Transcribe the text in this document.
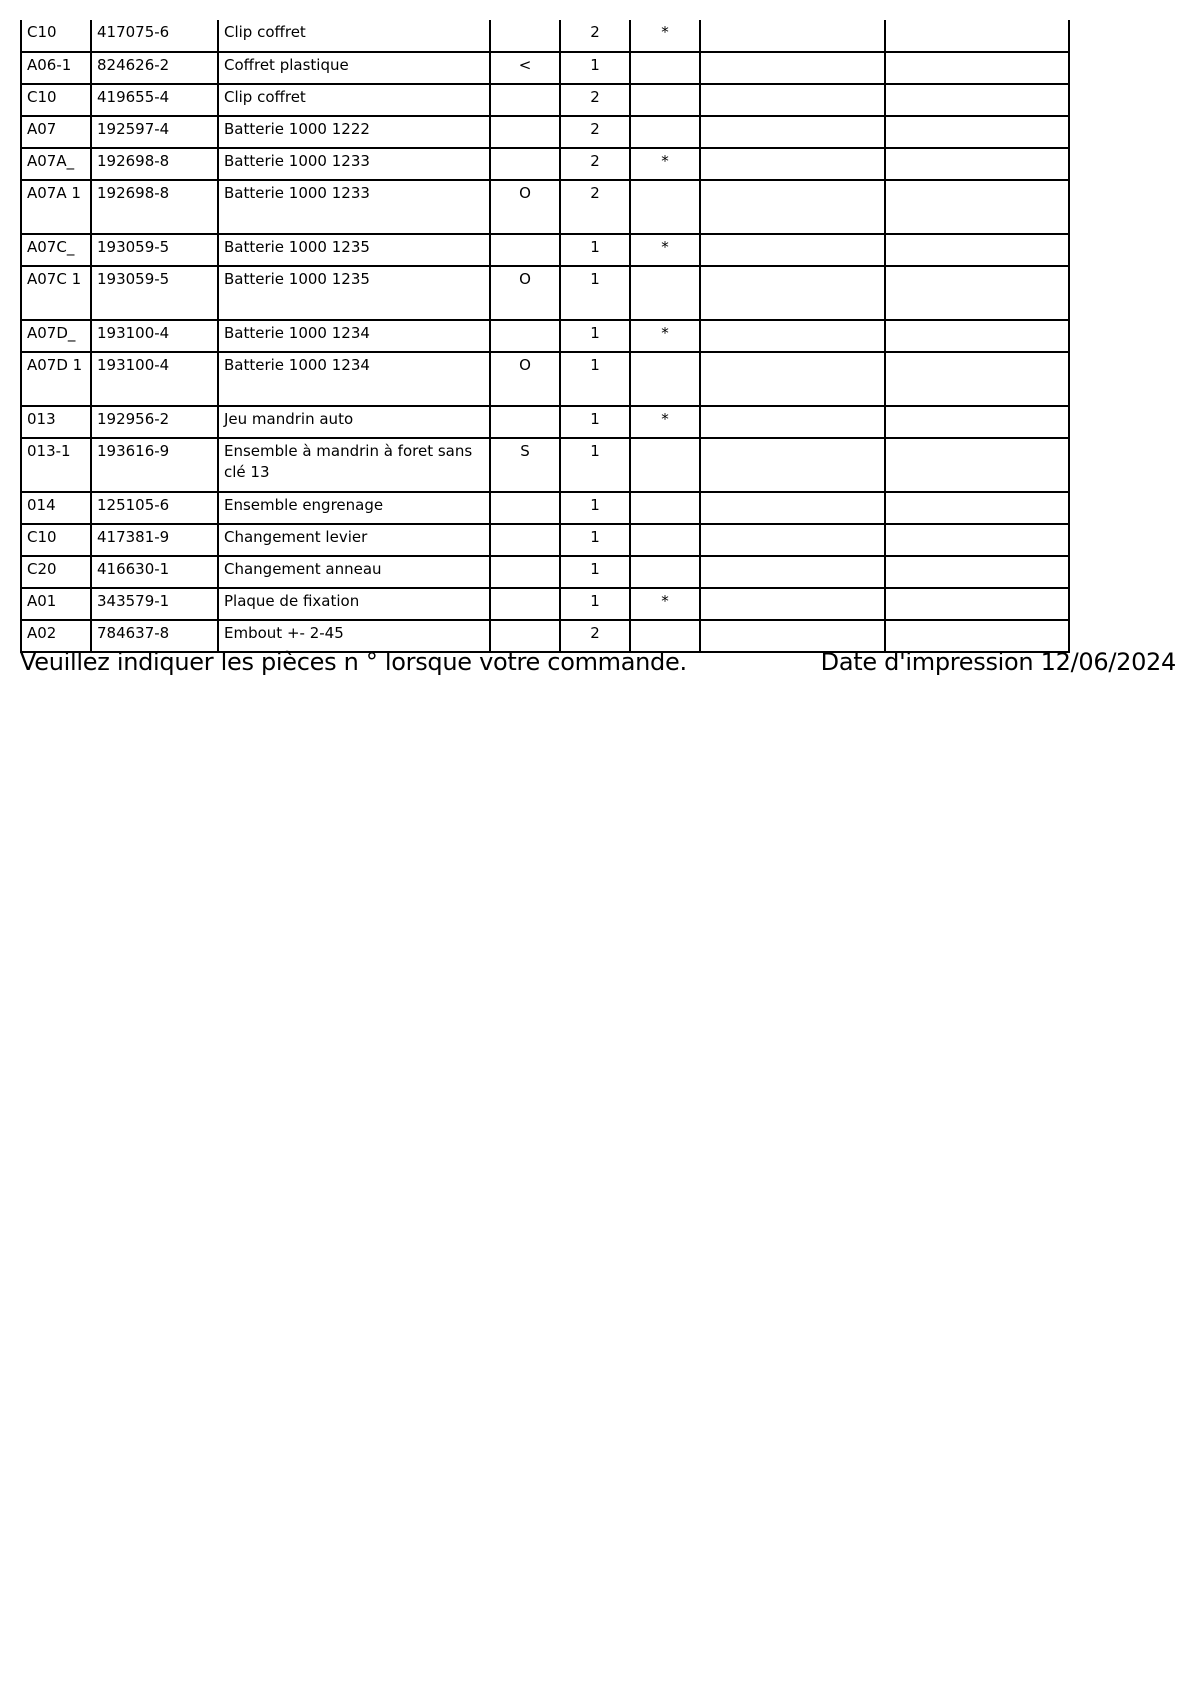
C10	417075-6	Clip coffret		2	*		
A06-1	824626-2	Coffret plastique	<	1			
C10	419655-4	Clip coffret		2			
A07	192597-4	Batterie 1000 1222		2			
A07A_	192698-8	Batterie 1000 1233		2	*		
A07A 1	192698-8	Batterie 1000 1233	O	2			
A07C_	193059-5	Batterie 1000 1235		1	*		
A07C 1	193059-5	Batterie 1000 1235	O	1			
A07D_	193100-4	Batterie 1000 1234		1	*		
A07D 1	193100-4	Batterie 1000 1234	O	1			
013	192956-2	Jeu mandrin auto		1	*		
013-1	193616-9	Ensemble à mandrin à foret sans clé 13	S	1			
014	125105-6	Ensemble engrenage		1			
C10	417381-9	Changement levier		1			
C20	416630-1	Changement anneau		1			
A01	343579-1	Plaque de fixation		1	*		
A02	784637-8	Embout +- 2-45		2			
Veuillez indiquer les pièces n ° lorsque votre commande.	Date d'impression 12/06/2024
